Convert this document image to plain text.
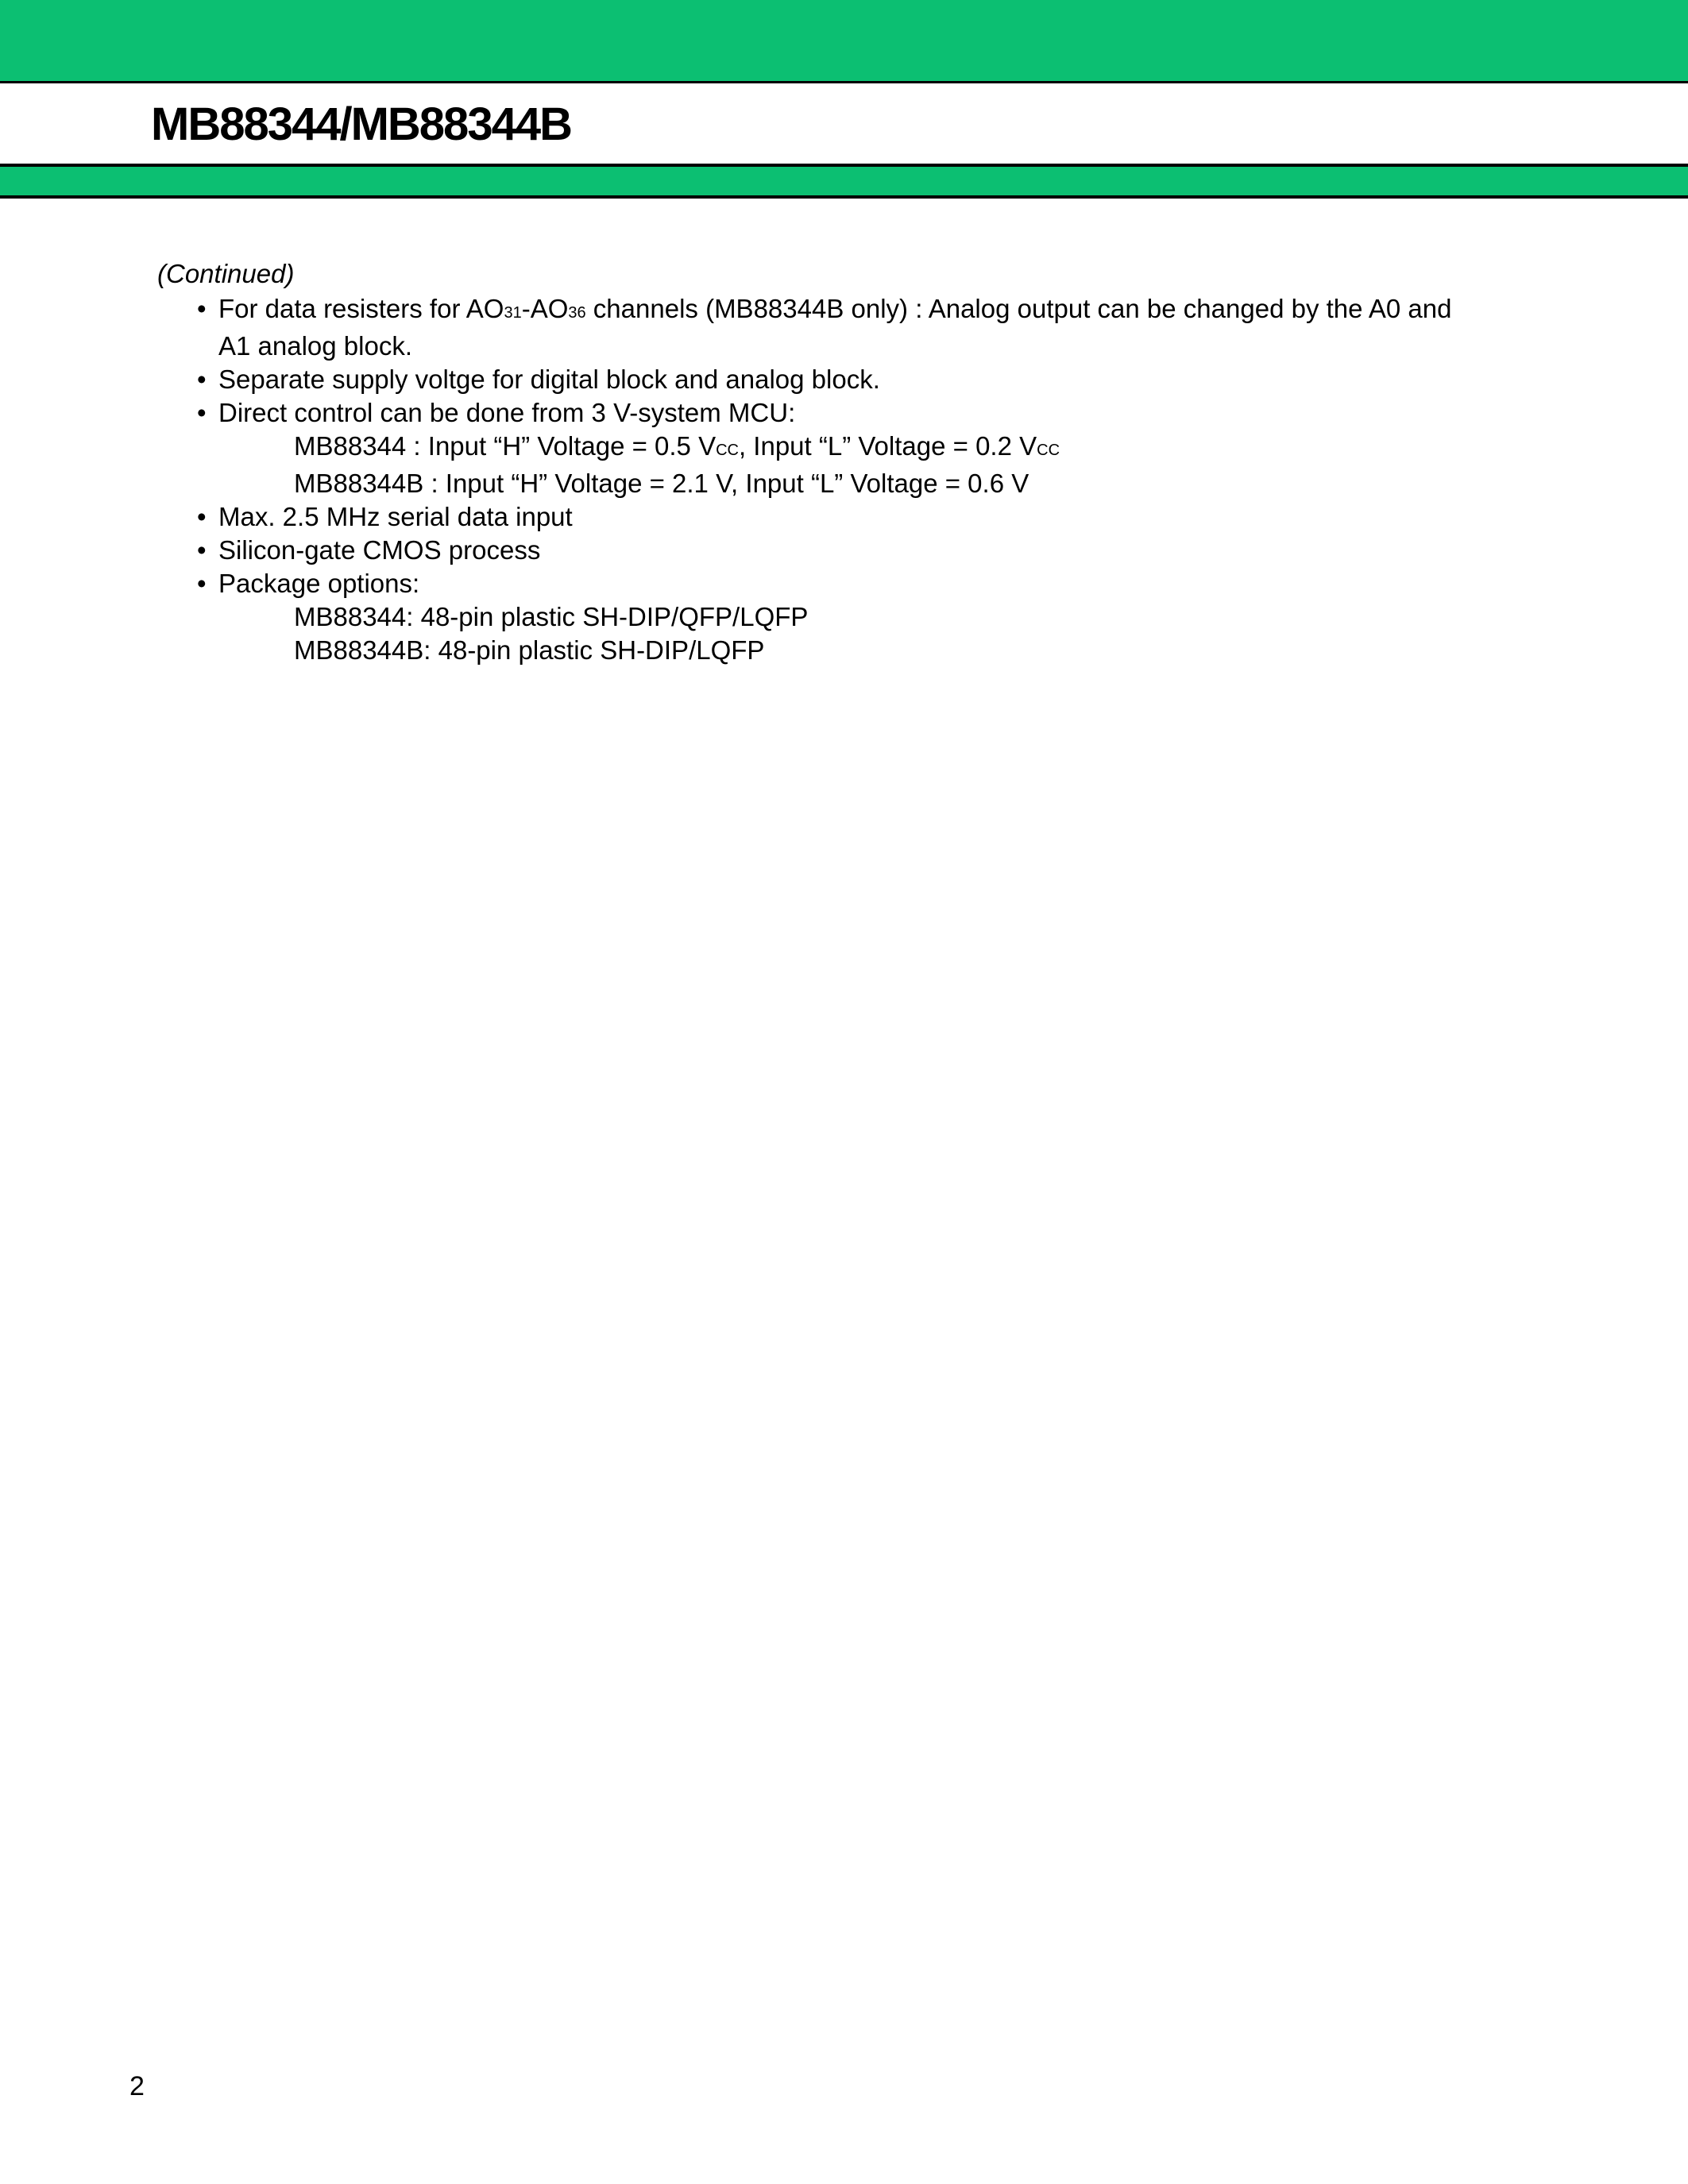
MB88344/MB88344B
(Continued)
• For data resisters for AO31-AO36 channels (MB88344B only) : Analog output can be changed by the A0 and
A1 analog block.
• Separate supply voltge for digital block and analog block.
• Direct control can be done from 3 V-system MCU:
MB88344 : Input “H” Voltage = 0.5 VCC, Input “L” Voltage = 0.2 VCC
MB88344B : Input “H” Voltage = 2.1 V, Input “L” Voltage = 0.6 V
• Max. 2.5 MHz serial data input
• Silicon-gate CMOS process
• Package options:
MB88344: 48-pin plastic SH-DIP/QFP/LQFP
MB88344B: 48-pin plastic SH-DIP/LQFP
2
